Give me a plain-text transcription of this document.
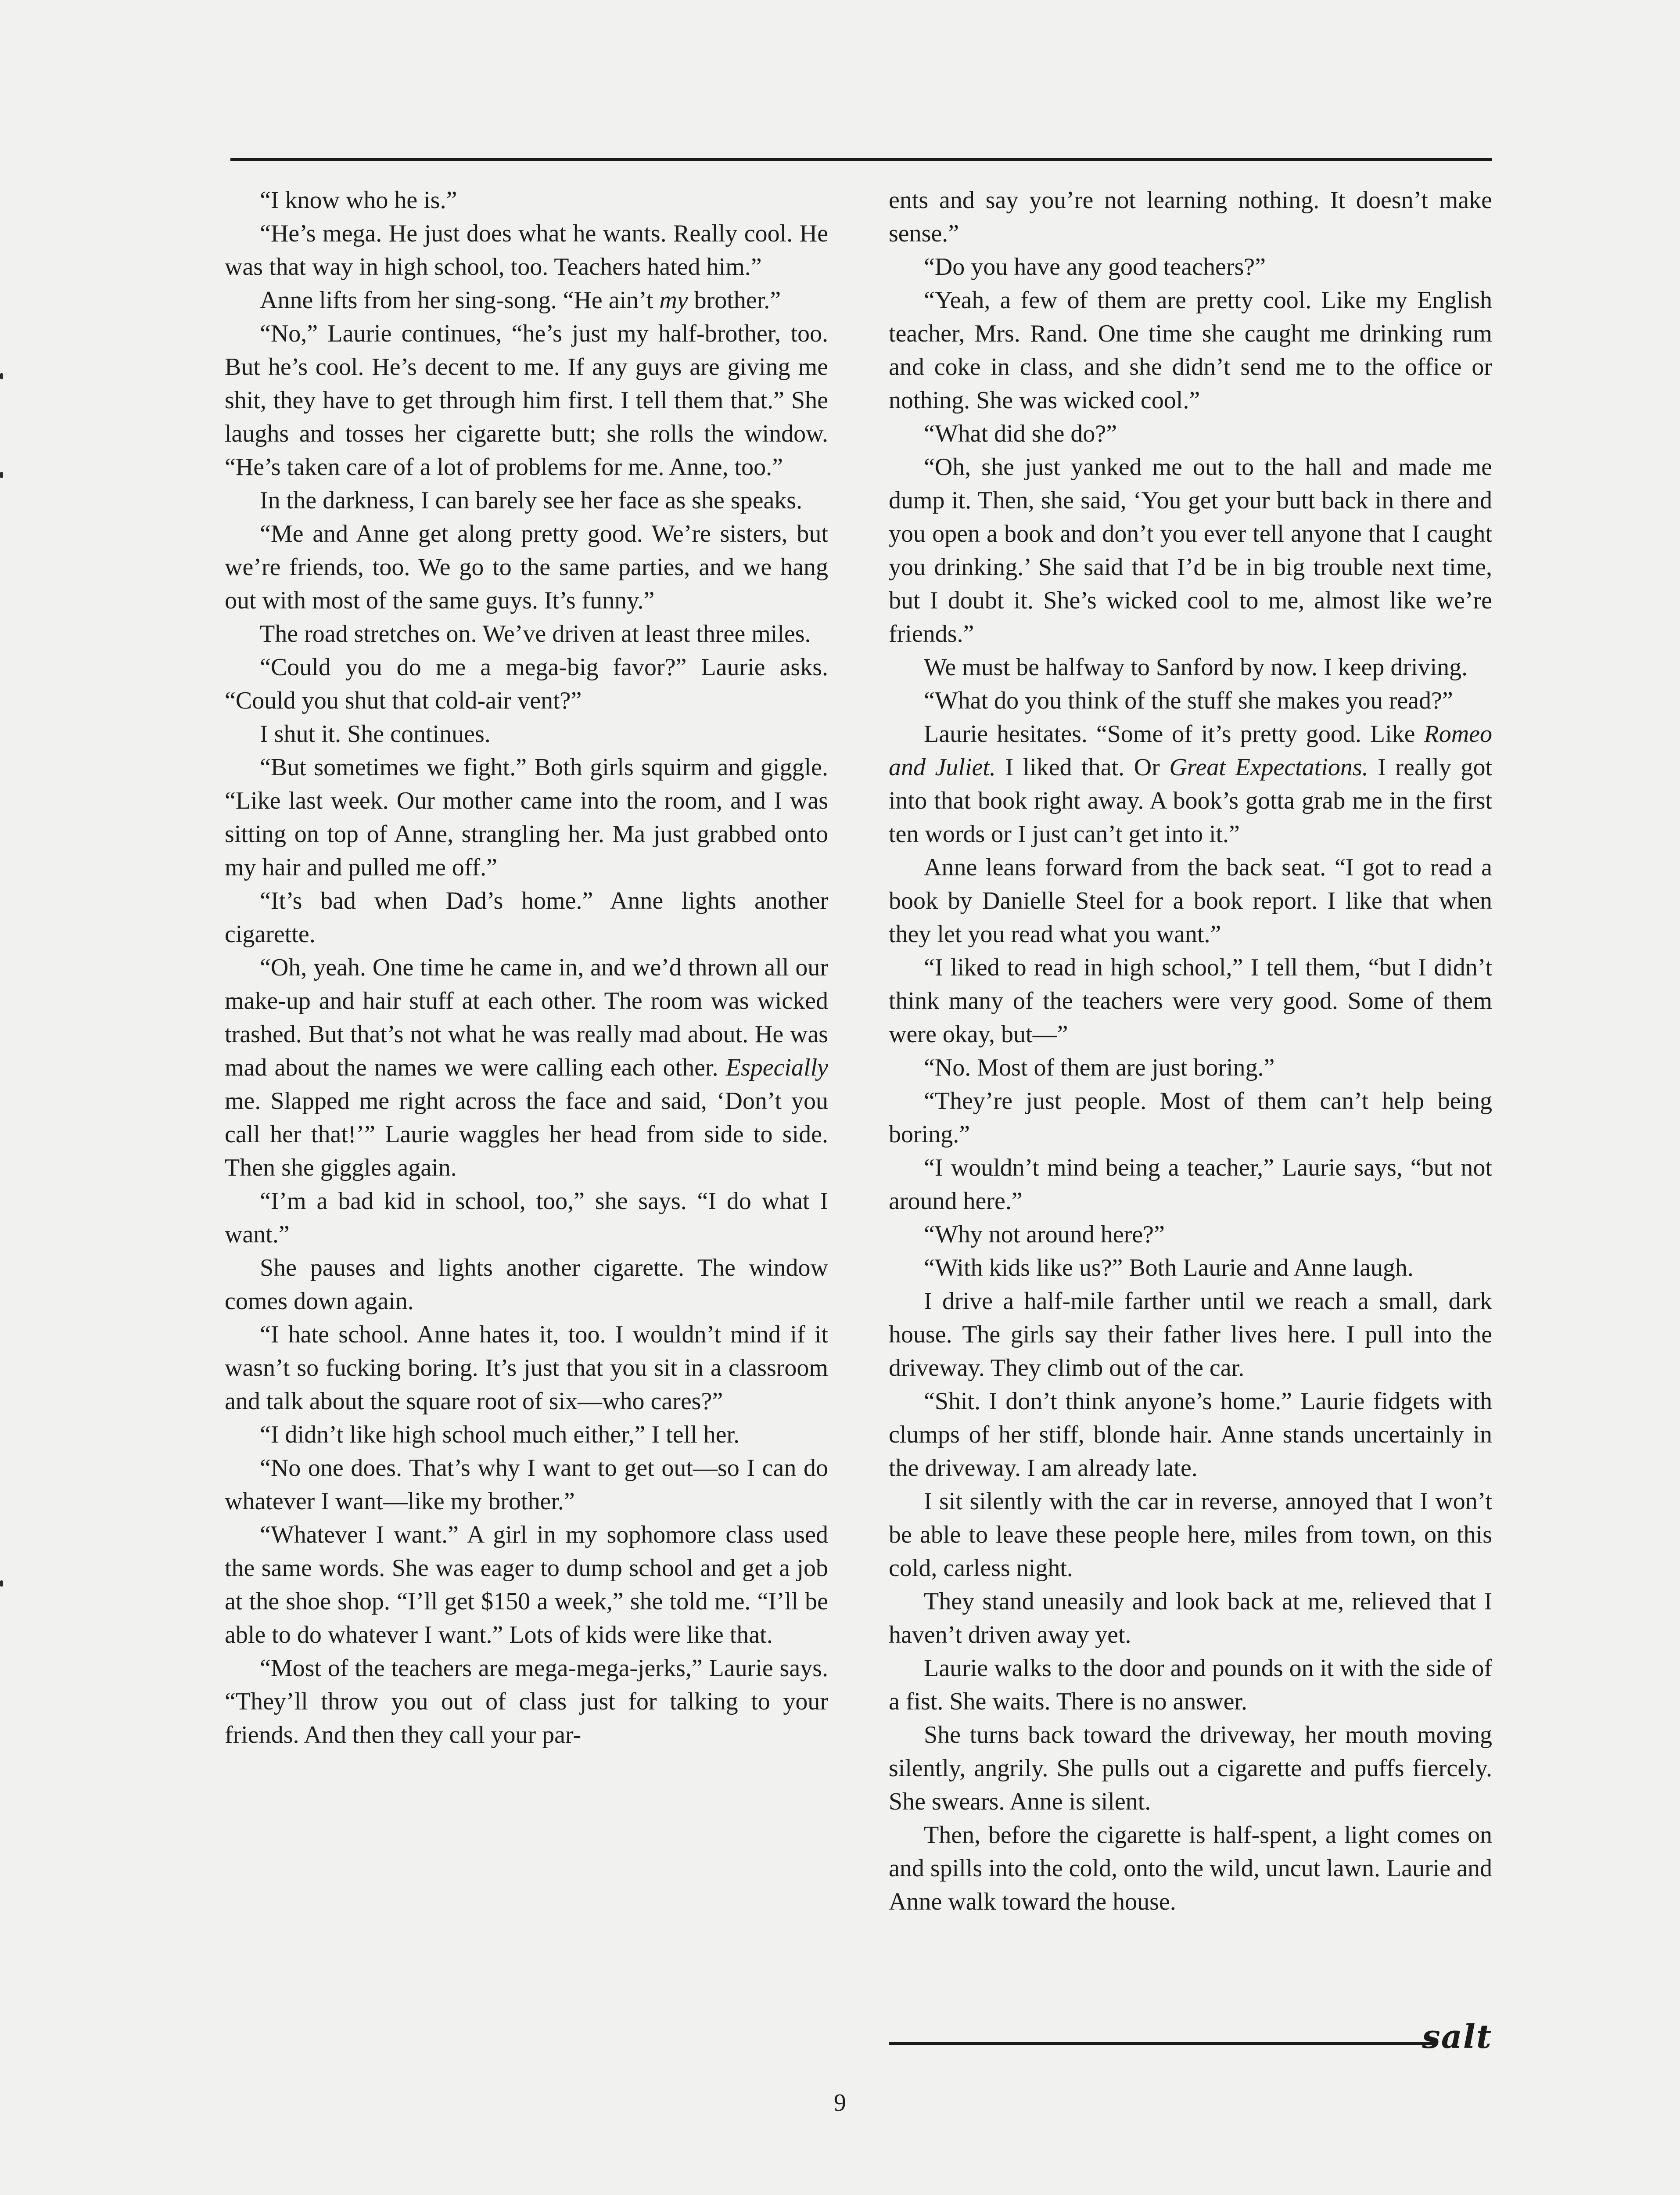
“I know who he is.”

“He’s mega. He just does what he wants. Really cool. He was that way in high school, too. Teachers hated him.”

Anne lifts from her sing-song. “He ain’t my brother.”

“No,” Laurie continues, “he’s just my half-brother, too. But he’s cool. He’s decent to me. If any guys are giving me shit, they have to get through him first. I tell them that.” She laughs and tosses her cigarette butt; she rolls the window. “He’s taken care of a lot of problems for me. Anne, too.”

In the darkness, I can barely see her face as she speaks.

“Me and Anne get along pretty good. We’re sisters, but we’re friends, too. We go to the same parties, and we hang out with most of the same guys. It’s funny.”

The road stretches on. We’ve driven at least three miles.

“Could you do me a mega-big favor?” Laurie asks. “Could you shut that cold-air vent?”

I shut it. She continues.

“But sometimes we fight.” Both girls squirm and giggle. “Like last week. Our mother came into the room, and I was sitting on top of Anne, strangling her. Ma just grabbed onto my hair and pulled me off.”

“It’s bad when Dad’s home.” Anne lights another cigarette.

“Oh, yeah. One time he came in, and we’d thrown all our make-up and hair stuff at each other. The room was wicked trashed. But that’s not what he was really mad about. He was mad about the names we were calling each other. Especially me. Slapped me right across the face and said, ‘Don’t you call her that!’” Laurie waggles her head from side to side. Then she giggles again.

“I’m a bad kid in school, too,” she says. “I do what I want.”

She pauses and lights another cigarette. The window comes down again.

“I hate school. Anne hates it, too. I wouldn’t mind if it wasn’t so fucking boring. It’s just that you sit in a classroom and talk about the square root of six—who cares?”

“I didn’t like high school much either,” I tell her.

“No one does. That’s why I want to get out—so I can do whatever I want—like my brother.”

“Whatever I want.” A girl in my sophomore class used the same words. She was eager to dump school and get a job at the shoe shop. “I’ll get $150 a week,” she told me. “I’ll be able to do whatever I want.” Lots of kids were like that.

“Most of the teachers are mega-mega-jerks,” Laurie says. “They’ll throw you out of class just for talking to your friends. And then they call your par-

ents and say you’re not learning nothing. It doesn’t make sense.”

“Do you have any good teachers?”

“Yeah, a few of them are pretty cool. Like my English teacher, Mrs. Rand. One time she caught me drinking rum and coke in class, and she didn’t send me to the office or nothing. She was wicked cool.”

“What did she do?”

“Oh, she just yanked me out to the hall and made me dump it. Then, she said, ‘You get your butt back in there and you open a book and don’t you ever tell anyone that I caught you drinking.’ She said that I’d be in big trouble next time, but I doubt it. She’s wicked cool to me, almost like we’re friends.”

We must be halfway to Sanford by now. I keep driving.

“What do you think of the stuff she makes you read?”

Laurie hesitates. “Some of it’s pretty good. Like Romeo and Juliet. I liked that. Or Great Expectations. I really got into that book right away. A book’s gotta grab me in the first ten words or I just can’t get into it.”

Anne leans forward from the back seat. “I got to read a book by Danielle Steel for a book report. I like that when they let you read what you want.”

“I liked to read in high school,” I tell them, “but I didn’t think many of the teachers were very good. Some of them were okay, but—”

“No. Most of them are just boring.”

“They’re just people. Most of them can’t help being boring.”

“I wouldn’t mind being a teacher,” Laurie says, “but not around here.”

“Why not around here?”

“With kids like us?” Both Laurie and Anne laugh.

I drive a half-mile farther until we reach a small, dark house. The girls say their father lives here. I pull into the driveway. They climb out of the car.

“Shit. I don’t think anyone’s home.” Laurie fidgets with clumps of her stiff, blonde hair. Anne stands uncertainly in the driveway. I am already late.

I sit silently with the car in reverse, annoyed that I won’t be able to leave these people here, miles from town, on this cold, carless night.

They stand uneasily and look back at me, relieved that I haven’t driven away yet.

Laurie walks to the door and pounds on it with the side of a fist. She waits. There is no answer.

She turns back toward the driveway, her mouth moving silently, angrily. She pulls out a cigarette and puffs fiercely. She swears. Anne is silent.

Then, before the cigarette is half-spent, a light comes on and spills into the cold, onto the wild, uncut lawn. Laurie and Anne walk toward the house.

salt
9
